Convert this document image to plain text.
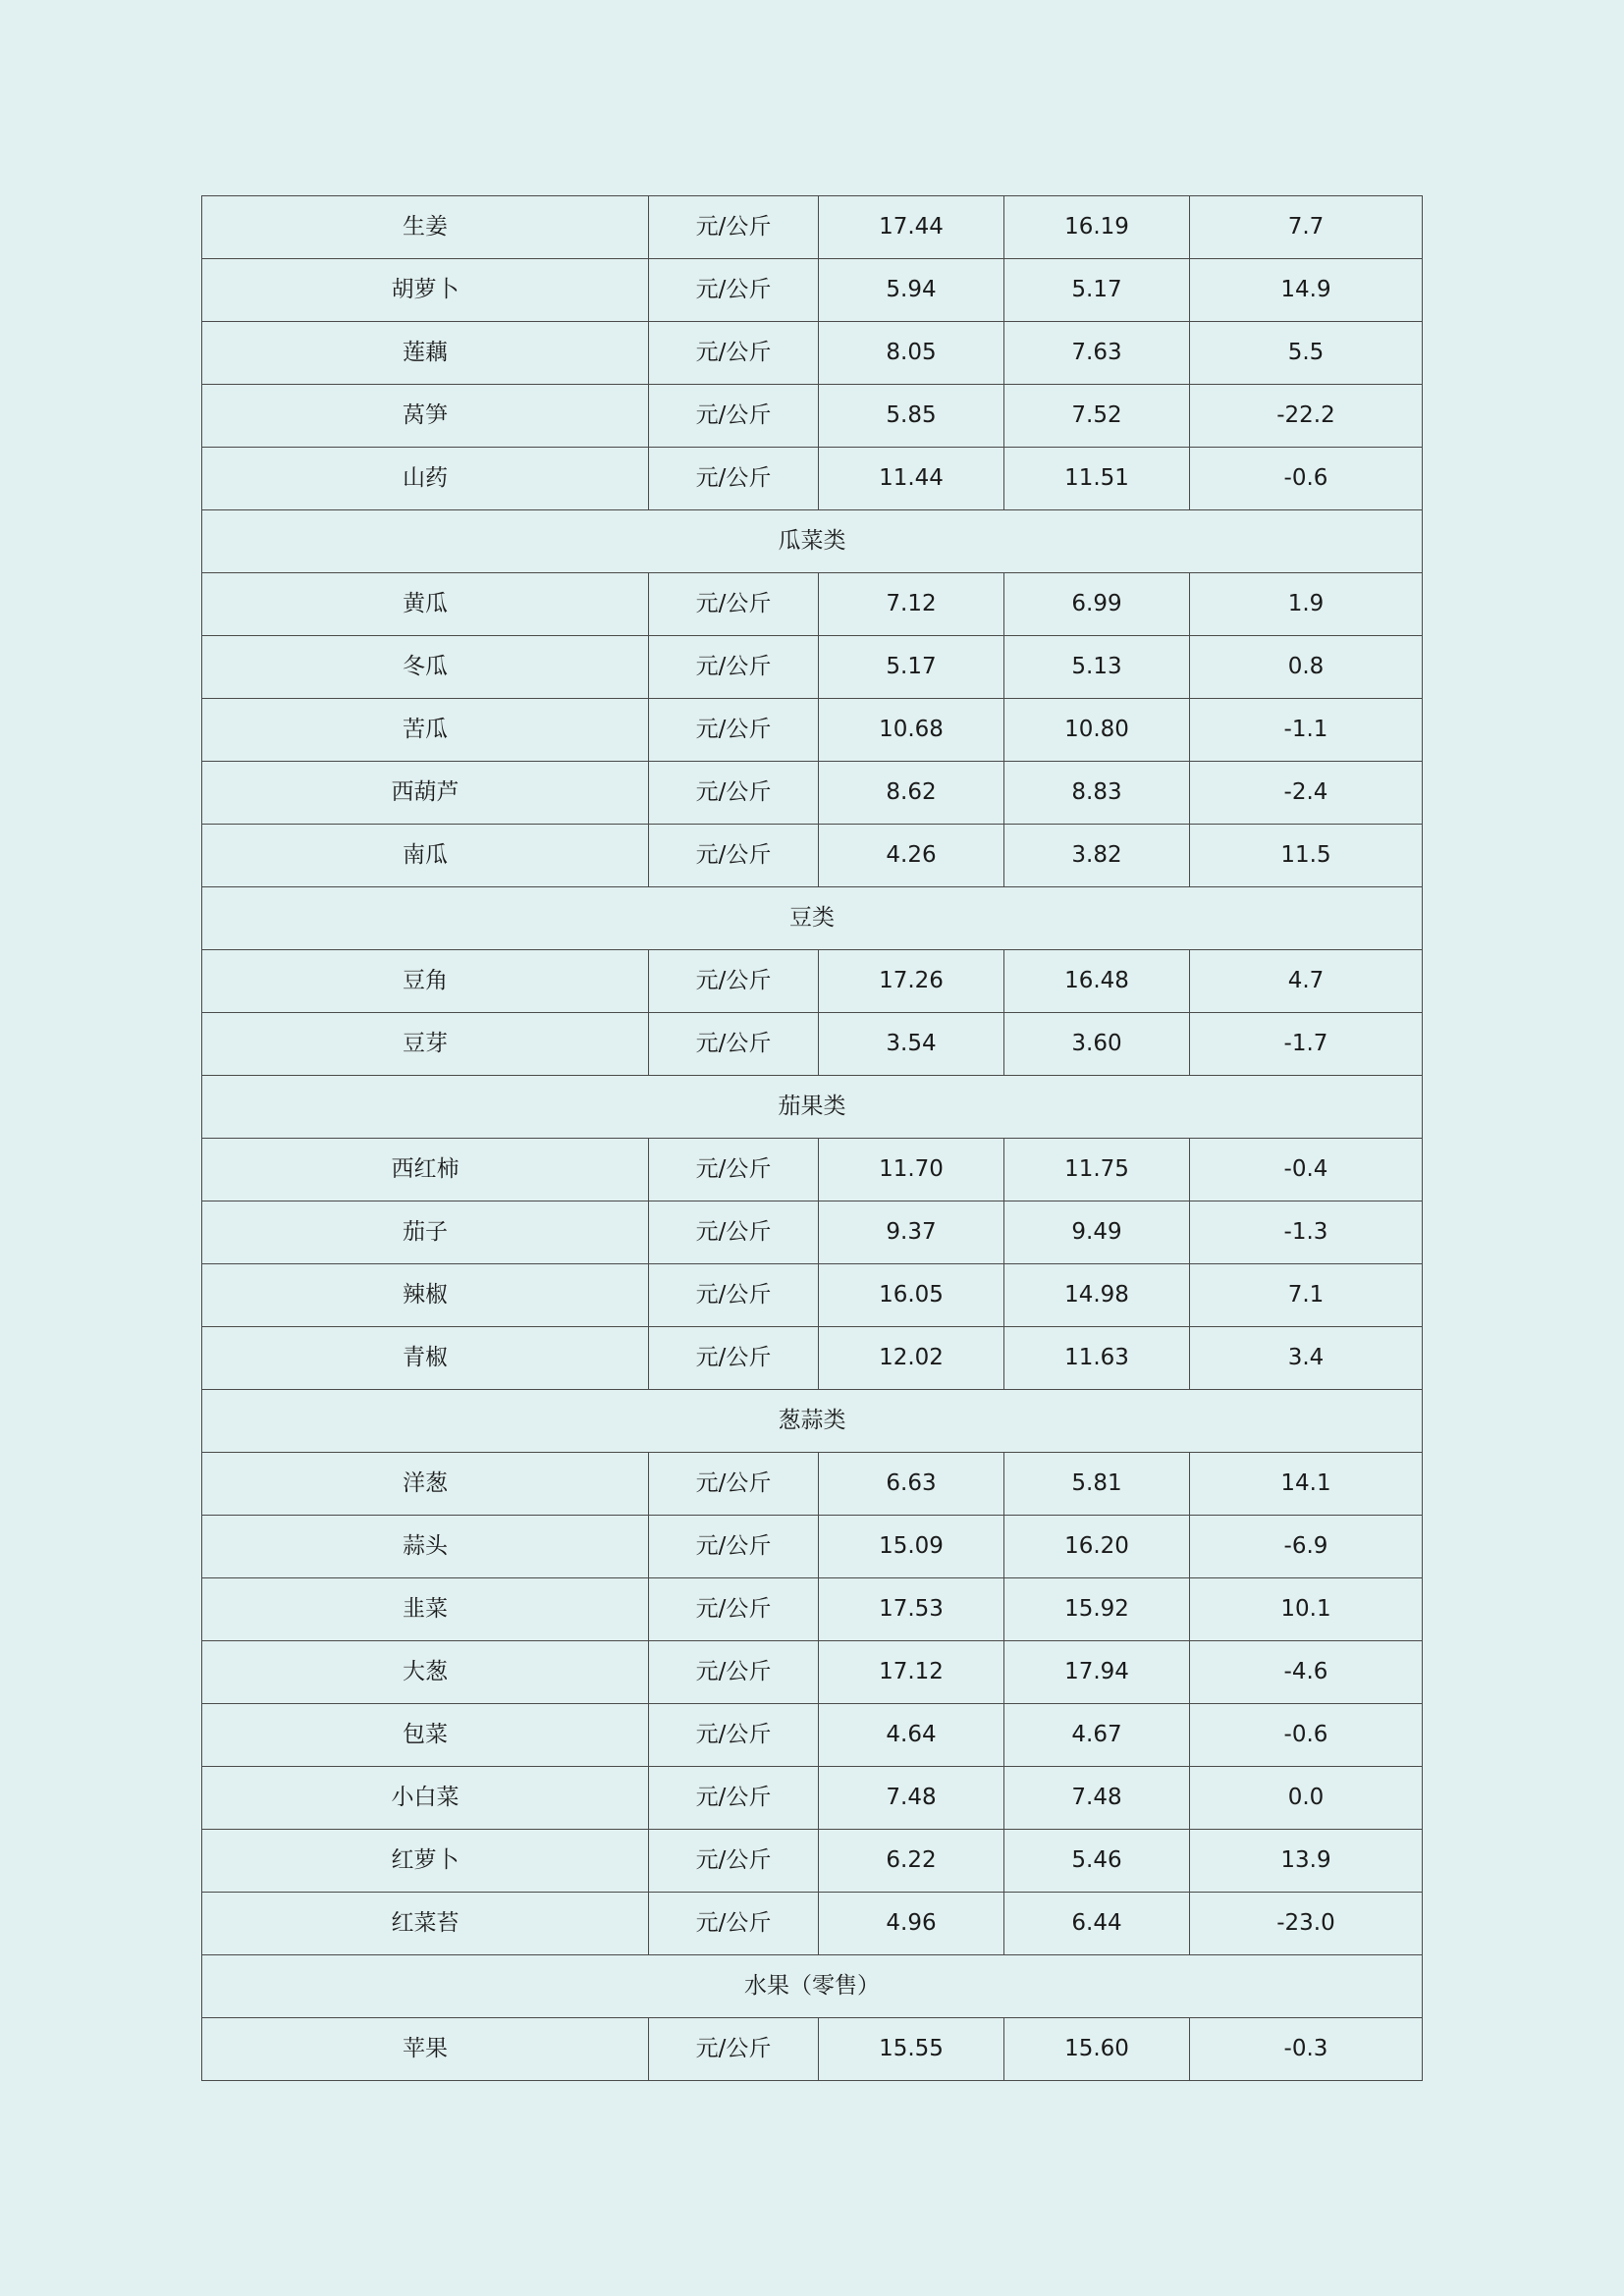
生姜	元/公斤	17.44	16.19	7.7
胡萝卜	元/公斤	5.94	5.17	14.9
莲藕	元/公斤	8.05	7.63	5.5
莴笋	元/公斤	5.85	7.52	-22.2
山药	元/公斤	11.44	11.51	-0.6
瓜菜类				
黄瓜	元/公斤	7.12	6.99	1.9
冬瓜	元/公斤	5.17	5.13	0.8
苦瓜	元/公斤	10.68	10.80	-1.1
西葫芦	元/公斤	8.62	8.83	-2.4
南瓜	元/公斤	4.26	3.82	11.5
豆类				
豆角	元/公斤	17.26	16.48	4.7
豆芽	元/公斤	3.54	3.60	-1.7
茄果类				
西红柿	元/公斤	11.70	11.75	-0.4
茄子	元/公斤	9.37	9.49	-1.3
辣椒	元/公斤	16.05	14.98	7.1
青椒	元/公斤	12.02	11.63	3.4
葱蒜类				
洋葱	元/公斤	6.63	5.81	14.1
蒜头	元/公斤	15.09	16.20	-6.9
韭菜	元/公斤	17.53	15.92	10.1
大葱	元/公斤	17.12	17.94	-4.6
包菜	元/公斤	4.64	4.67	-0.6
小白菜	元/公斤	7.48	7.48	0.0
红萝卜	元/公斤	6.22	5.46	13.9
红菜苔	元/公斤	4.96	6.44	-23.0
水果（零售）				
苹果	元/公斤	15.55	15.60	-0.3
